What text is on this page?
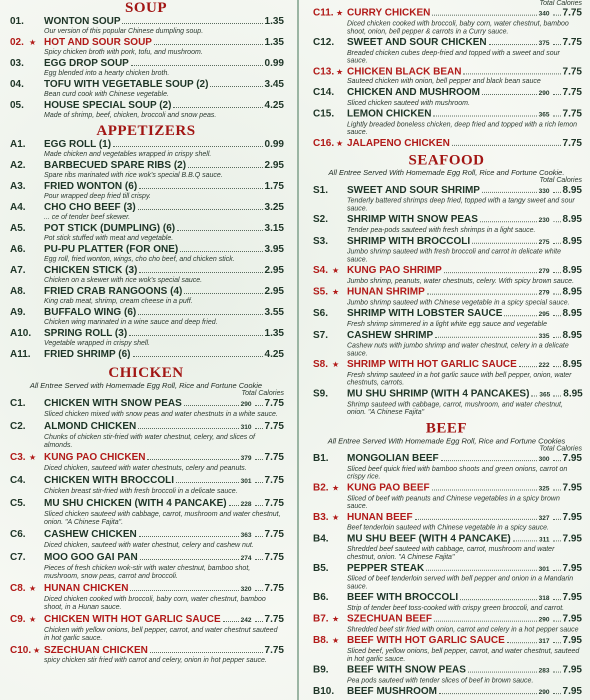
SOUP
01. WONTON SOUP	1.35
Our version of this popular Chinese dumpling soup.
02. ★ HOT AND SOUR SOUP	1.35
Spicy chicken broth with pork, tofu, and mushroom.
03. EGG DROP SOUP	0.99
Egg blended into a hearty chicken broth.
04. TOFU WITH VEGETABLE SOUP (2)	3.45
Bean curd cook with Chinese vegetable.
05. HOUSE SPECIAL SOUP (2)	4.25
Made of shrimp, beef, chicken, broccoli and snow peas.
APPETIZERS
A1. EGG ROLL (1)	0.99
Made chicken and vegetables wrapped in crispy shell.
A2. BARBECUED SPARE RIBS (2)	2.95
Spare ribs marinated with rice wok's special B.B.Q sauce.
A3. FRIED WONTON (6)	1.75
Pour wrapped deep fried till crispy.
A4. CHO CHO BEEF (3)	3.25
... ce of tender beef skewer.
A5. POT STICK (DUMPLING) (6)	3.15
Pot stick stuffed with meat and vegetable.
A6. PU-PU PLATTER (FOR ONE)	3.95
Egg roll, fried wonton, wings, cho cho beef, and chicken stick.
A7. CHICKEN STICK (3)	2.95
Chicken on a skewer with rice wok's special sauce.
A8. FRIED CRAB RANGOONS (4)	2.95
King crab meat, shrimp, cream cheese in a puff.
A9. BUFFALO WING (6)	3.55
Chicken wing marinated in a wine sauce and deep fried.
A10. SPRING ROLL (3)	1.35
Vegetable wrapped in crispy shell.
A11. FRIED SHRIMP (6)	4.25
CHICKEN
All Entree Served with Homemade Egg Roll, Rice and Fortune Cookie
Total Calories
C1. CHICKEN WITH SNOW PEAS	290 7.75
Sliced chicken mixed with snow peas and water chestnuts in a white sauce.
C2. ALMOND CHICKEN	310 7.75
Chunks of chicken stir-fried with water chestnut, celery, and slices of almonds.
C3. ★ KUNG PAO CHICKEN	379 7.75
Diced chicken, sauteed with water chestnuts, celery and peanuts.
C4. CHICKEN WITH BROCCOLI	301 7.75
Chicken breast stir-fried with fresh broccoli in a delicate sauce.
C5. MU SHU CHICKEN (WITH 4 PANCAKE) 228 7.75
Sliced chicken sauteed with cabbage, carrot, mushroom and water chestnut, onion. "A Chinese Fajita".
C6. CASHEW CHICKEN	363 7.75
Diced chicken, sauteed with water chestnut, celery and cashew nut.
C7. MOO GOO GAI PAN	274 7.75
Pieces of fresh chicken wok-stir with water chestnut, bamboo shot, mushroom, snow peas, carrot and broccoli.
C8. ★ HUNAN CHICKEN	320 7.75
Diced chicken cooked with broccoli, baby corn, water chestnut, bamboo shoot, in a Hunan sauce.
C9. ★ CHICKEN WITH HOT GARLIC SAUCE	242 7.75
Chicken with yellow onions, bell pepper, carrot, and water chestnut sauteed in hot garlic sauce.
C10. ★ SZECHUAN CHICKEN	7.75
spicy chicken stir fried with carrot and celery, onion in hot pepper sauce.
Total Calories
C11. ★ CURRY CHICKEN	340 7.75
Diced chicken cooked with broccoli, baby corn, water chestnut, bamboo shoot, onion, bell pepper & carrots in a Curry sauce.
C12. SWEET AND SOUR CHICKEN	375 7.75
Breaded chicken cubes deep-fried and topped with a sweet and sour sauce.
C13. ★ CHICKEN BLACK BEAN	7.75
Sauteed chicken with onion, bell pepper and black bean sauce
C14. CHICKEN AND MUSHROOM	290 7.75
Sliced chicken sauteed with mushroom.
C15. LEMON CHICKEN	365 7.75
Lightly breaded boneless chicken, deep fried and topped with a rich lemon sauce.
C16. ★ JALAPENO CHICKEN	7.75
SEAFOOD
All Entree Served With Homemade Egg Roll, Rice and Fortune Cookie.
Total Calories
S1. SWEET AND SOUR SHRIMP	330 8.95
Tenderly battered shrimps deep fried, topped with a tangy sweet and sour sauce.
S2. SHRIMP WITH SNOW PEAS	230 8.95
Tender pea-pods sauteed with fresh shrimps in a light sauce.
S3. SHRIMP WITH BROCCOLI	275 8.95
Jumbo shrimp sauteed with fresh broccoli and carrot in delicate white sauce.
S4. ★ KUNG PAO SHRIMP	279 8.95
Jumbo shrimp, peanuts, water chestnuts, celery. With spicy brown sauce.
S5. ★ HUNAN SHRIMP	279 8.95
Jumbo shrimp sauteed with Chinese vegetable in a spicy special sauce.
S6. SHRIMP WITH LOBSTER SAUCE	295 8.95
Fresh shrimp simmered in a light white egg sauce and vegetable
S7. CASHEW SHRIMP	335 8.95
Cashew nuts with jumbo shrimp and water chestnut, celery in a delicate sauce.
S8. ★ SHRIMP WITH HOT GARLIC SAUCE	222 8.95
Fresh shrimp sauteed in a hot garlic sauce with bell pepper, onion, water chestnuts, carrots.
S9. MU SHU SHRIMP (WITH 4 PANCAKES) 365 8.95
Shrimp sauteed with cabbage, carrot, mushroom, and water chestnut, onion. "A Chinese Fajita"
BEEF
All Entree Served With Homemade Egg Roll, Rice and Fortune Cookies
Total Calories
B1. MONGOLIAN BEEF	300 7.95
Sliced beef quick fried with bamboo shoots and green onions, carrot on crispy rice.
B2. ★ KUNG PAO BEEF	325 7.95
Sliced of beef with peanuts and Chinese vegetables in a spicy brown sauce.
B3. ★ HUNAN BEEF	327 7.95
Beef tenderloin sauteed with Chinese vegetable in a spicy sauce.
B4. MU SHU BEEF (WITH 4 PANCAKE)	311 7.95
Shredded beef sauteed with cabbage, carrot, mushroom and water chestnut, onion. "A Chinese Fajita"
B5. PEPPER STEAK	301 7.95
Sliced of beef tenderloin served with bell pepper and onion in a Mandarin sauce.
B6. BEEF WITH BROCCOLI	318 7.95
Strip of tender beef toss-cooked with crispy green broccoli, and carrot.
B7. ★ SZECHUAN BEEF	290 7.95
Shredded beef stir fried with onion, carrot and celery in a hot pepper sauce
B8. ★ BEEF WITH HOT GARLIC SAUCE	317 7.95
Sliced beef, yellow onions, bell pepper, carrot, and water chestnut, sauteed in hot garlic sauce.
B9. BEEF WITH SNOW PEAS	283 7.95
Pea pods sauteed with tender slices of beef in brown sauce.
B10. BEEF MUSHROOM	290 7.95
